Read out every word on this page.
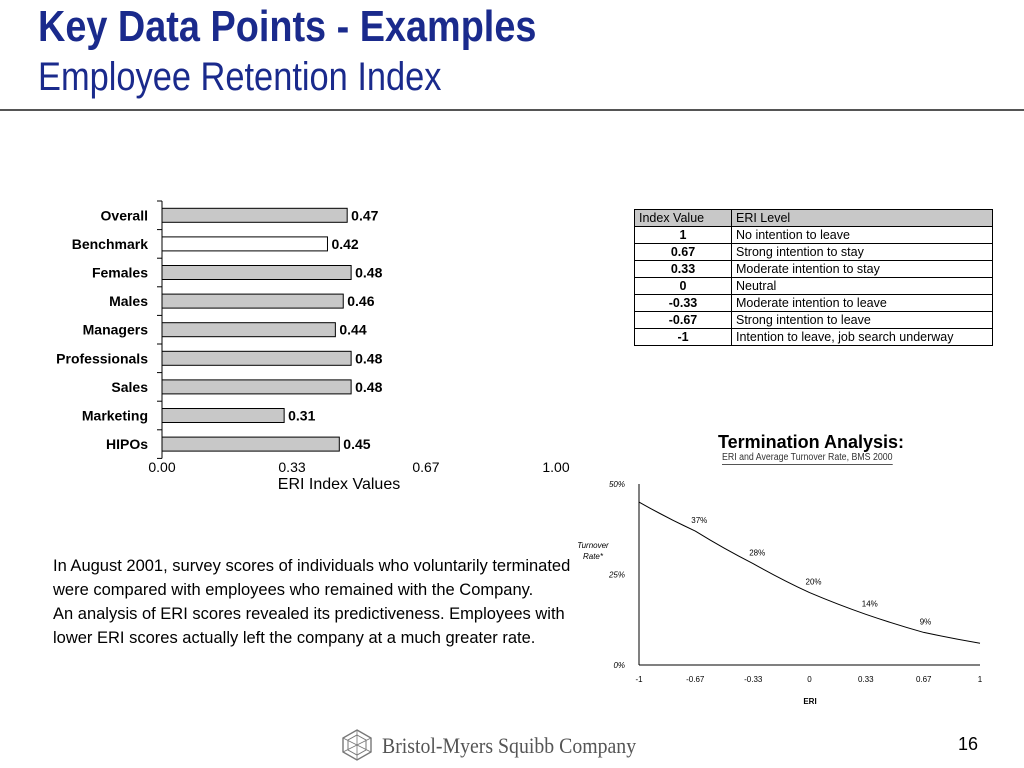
Key Data Points - Examples
Employee Retention Index
Overall	0.47
Benchmark	0.42
Females	0.48
Males	0.46
Managers	0.44
Professionals	0.48
Sales	0.48
Marketing	0.31
HIPOs	0.45
0.00	0.33	0.67	1.00
ERI Index Values
Index Value	ERI Level
1	No intention to leave
0.67	Strong intention to stay
0.33	Moderate intention to stay
0	Neutral
-0.33	Moderate intention to leave
-0.67	Strong intention to leave
-1	Intention to leave, job search underway
Termination Analysis:
ERI and Average Turnover Rate, BMS 2000
0%
25%
50%
-1	-0.67	-0.33	0	0.33	0.67	1
ERI
Turnover Rate*
37%
28%
20%
14%
9%
In August 2001, survey scores of individuals who voluntarily terminated were compared with employees who remained with the Company.
An analysis of ERI scores revealed its predictiveness. Employees with lower ERI scores actually left the company at a much greater rate.
Bristol-Myers Squibb Company	16
